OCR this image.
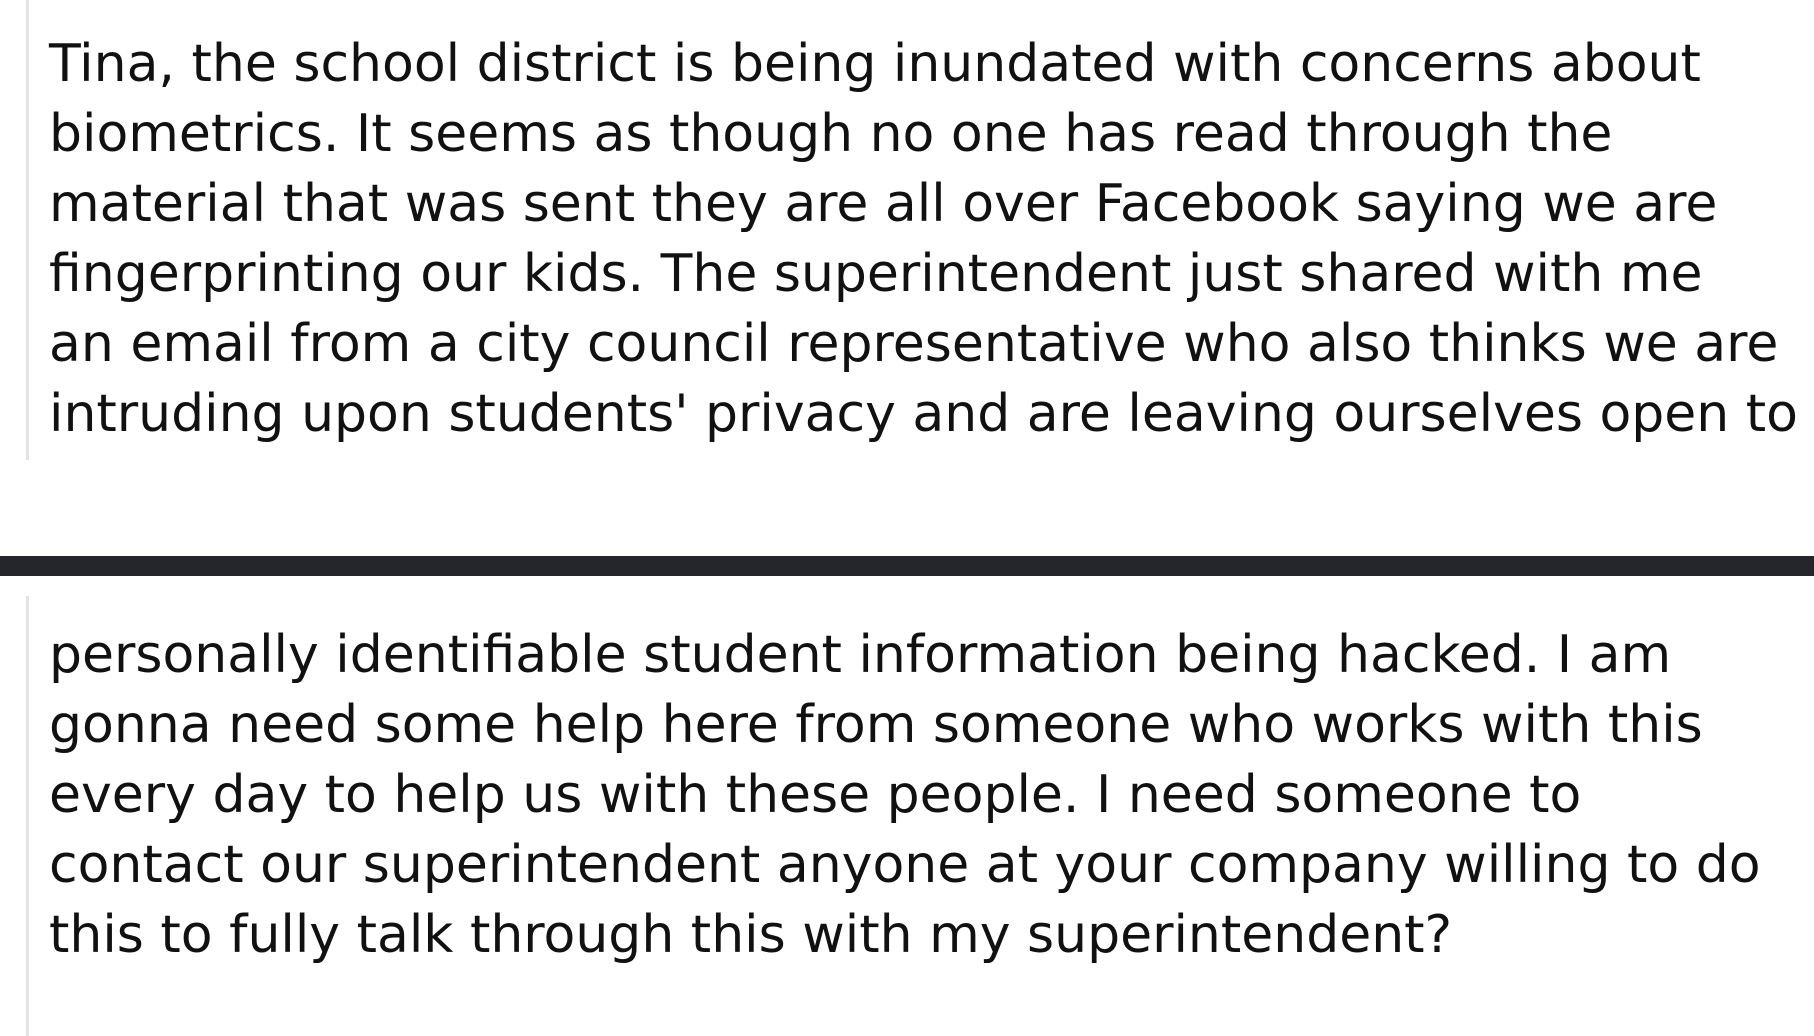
Tina, the school district is being inundated with concerns about
biometrics. It seems as though no one has read through the
material that was sent they are all over Facebook saying we are
fingerprinting our kids. The superintendent just shared with me
an email from a city council representative who also thinks we are
intruding upon students' privacy and are leaving ourselves open to
personally identifiable student information being hacked. I am
gonna need some help here from someone who works with this
every day to help us with these people. I need someone to
contact our superintendent anyone at your company willing to do
this to fully talk through this with my superintendent?
